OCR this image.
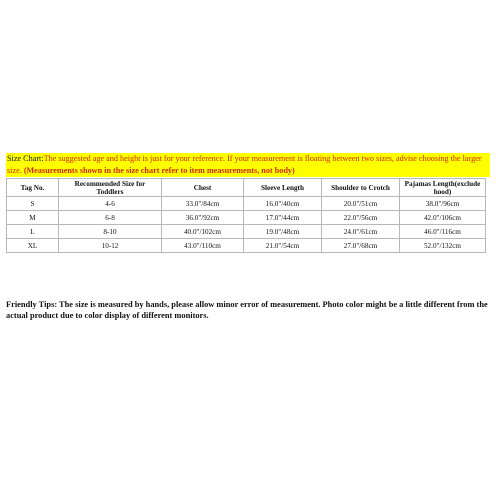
Size Chart:The suggested age and height is just for your reference. If your measurement is floating between two sizes, advise choosing the larger size. (Measurements shown in the size chart refer to item measurements, not body)
Tag No.	Recommended Size for Toddlers	Chest	Sleeve Length	Shoulder to Crotch	Pajamas Length(exclude hood)
S	4-6	33.0"/84cm	16.0"/40cm	20.0"/51cm	38.0"/96cm
M	6-8	36.0"/92cm	17.0"/44cm	22.0"/56cm	42.0"/106cm
L	8-10	40.0"/102cm	19.0"/48cm	24.0"/61cm	46.0"/116cm
XL	10-12	43.0"/110cm	21.0"/54cm	27.0"/68cm	52.0"/132cm
Friendly Tips: The size is measured by hands, please allow minor error of measurement. Photo color might be a little different from the actual product due to color display of different monitors.
